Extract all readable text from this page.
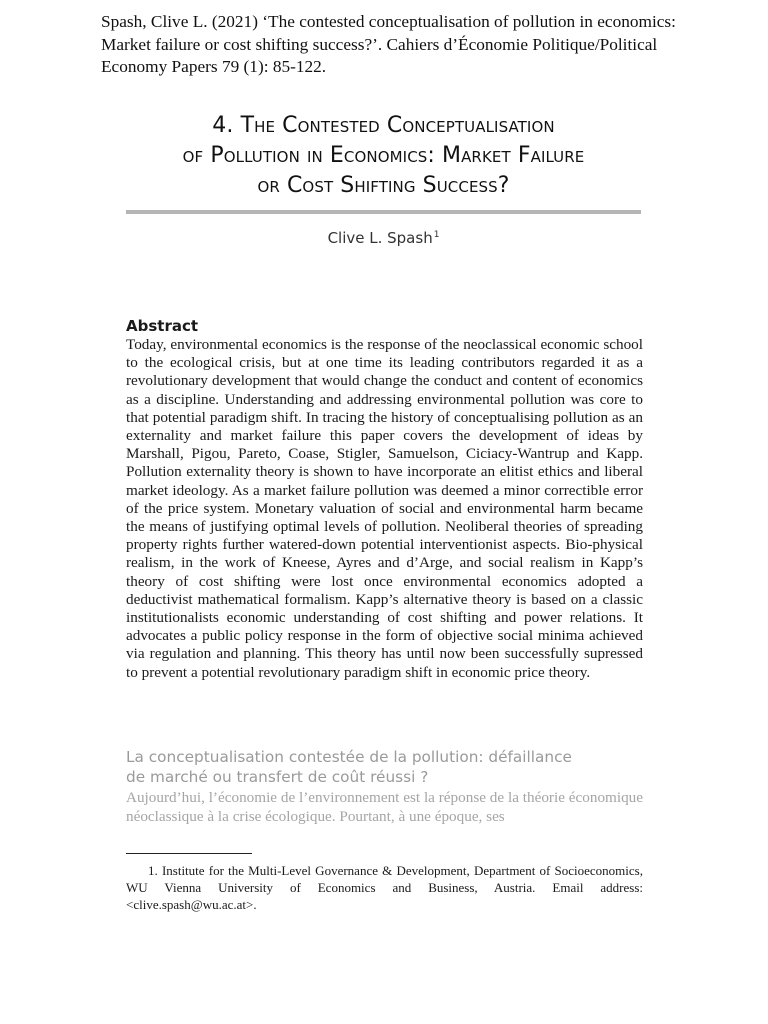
Spash, Clive L. (2021) ‘The contested conceptualisation of pollution in economics: Market failure or cost shifting success?’. Cahiers d’Économie Politique/Political Economy Papers 79 (1): 85-122.
4. The Contested Conceptualisation
of Pollution in Economics: Market Failure
or Cost Shifting Success?
Clive L. Spash$^1$
Abstract

Today, environmental economics is the response of the neoclassical economic school to the ecological crisis, but at one time its leading contributors regarded it as a revolutionary development that would change the conduct and content of economics as a discipline. Understanding and addressing environmental pollution was core to that potential paradigm shift. In tracing the history of conceptualising pollution as an externality and market failure this paper covers the development of ideas by Marshall, Pigou, Pareto, Coase, Stigler, Samuelson, Ciciacy-Wantrup and Kapp. Pollution externality theory is shown to have incorporate an elitist ethics and liberal market ideology. As a market failure pollution was deemed a minor correctible error of the price system. Monetary valuation of social and environmental harm became the means of justifying optimal levels of pollution. Neoliberal theories of spreading property rights further watered-down potential interventionist aspects. Bio-physical realism, in the work of Kneese, Ayres and d’Arge, and social realism in Kapp’s theory of cost shifting were lost once environmental economics adopted a deductivist mathematical formalism. Kapp’s alternative theory is based on a classic institutionalists economic understanding of cost shifting and power relations. It advocates a public policy response in the form of objective social minima achieved via regulation and planning. This theory has until now been successfully supressed to prevent a potential revolutionary paradigm shift in economic price theory.

La conceptualisation contestée de la pollution: défaillance
de marché ou transfert de coût réussi ?

Aujourd’hui, l’économie de l’environnement est la réponse de la théorie économique néoclassique à la crise écologique. Pourtant, à une époque, ses

1. Institute for the Multi-Level Governance & Development, Department of Socioeconomics, WU Vienna University of Economics and Business, Austria. Email address: <clive.spash@wu.ac.at>.
